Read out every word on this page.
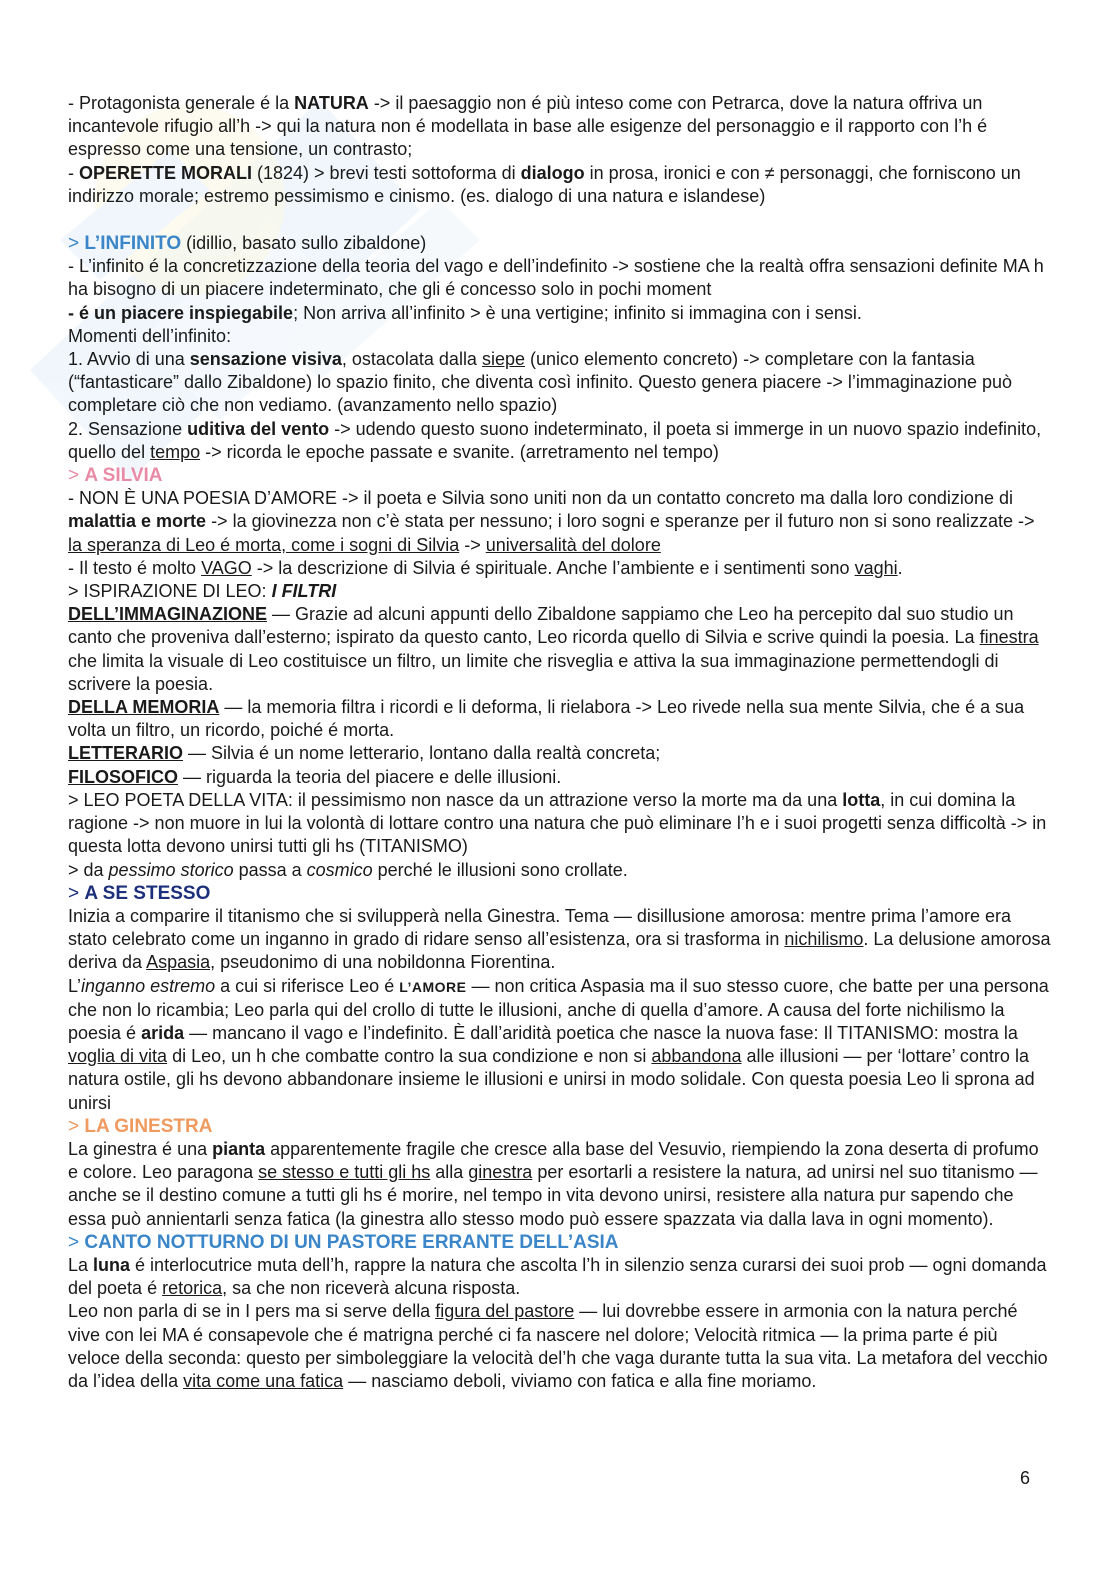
- Protagonista generale é la NATURA -> il paesaggio non é più inteso come con Petrarca, dove la natura offriva un incantevole rifugio all’h -> qui la natura non é modellata in base alle esigenze del personaggio e il rapporto con l’h é espresso come una tensione, un contrasto;

- OPERETTE MORALI (1824) > brevi testi sottoforma di dialogo in prosa, ironici e con ≠ personaggi, che forniscono un indirizzo morale; estremo pessimismo e cinismo. (es. dialogo di una natura e islandese)

> L’INFINITO (idillio, basato sullo zibaldone)

- L’infinito é la concretizzazione della teoria del vago e dell’indefinito -> sostiene che la realtà offra sensazioni definite MA h ha bisogno di un piacere indeterminato, che gli é concesso solo in pochi moment

- é un piacere inspiegabile; Non arriva all’infinito > è una vertigine; infinito si immagina con i sensi.

Momenti dell’infinito:

1. Avvio di una sensazione visiva, ostacolata dalla siepe (unico elemento concreto) -> completare con la fantasia (“fantasticare” dallo Zibaldone) lo spazio finito, che diventa così infinito. Questo genera piacere -> l’immaginazione può completare ciò che non vediamo. (avanzamento nello spazio)

2. Sensazione uditiva del vento -> udendo questo suono indeterminato, il poeta si immerge in un nuovo spazio indefinito, quello del tempo -> ricorda le epoche passate e svanite. (arretramento nel tempo)

> A SILVIA

- NON È UNA POESIA D’AMORE -> il poeta e Silvia sono uniti non da un contatto concreto ma dalla loro condizione di malattia e morte -> la giovinezza non c’è stata per nessuno; i loro sogni e speranze per il futuro non si sono realizzate -> la speranza di Leo é morta, come i sogni di Silvia -> universalità del dolore

- Il testo é molto VAGO -> la descrizione di Silvia é spirituale. Anche l’ambiente e i sentimenti sono vaghi.

> ISPIRAZIONE DI LEO: I FILTRI

DELL’IMMAGINAZIONE — Grazie ad alcuni appunti dello Zibaldone sappiamo che Leo ha percepito dal suo studio un canto che proveniva dall’esterno; ispirato da questo canto, Leo ricorda quello di Silvia e scrive quindi la poesia. La finestra che limita la visuale di Leo costituisce un filtro, un limite che risveglia e attiva la sua immaginazione permettendogli di scrivere la poesia.

DELLA MEMORIA — la memoria filtra i ricordi e li deforma, li rielabora -> Leo rivede nella sua mente Silvia, che é a sua volta un filtro, un ricordo, poiché é morta.

LETTERARIO — Silvia é un nome letterario, lontano dalla realtà concreta;

FILOSOFICO — riguarda la teoria del piacere e delle illusioni.

> LEO POETA DELLA VITA: il pessimismo non nasce da un attrazione verso la morte ma da una lotta, in cui domina la ragione -> non muore in lui la volontà di lottare contro una natura che può eliminare l’h e i suoi progetti senza difficoltà -> in questa lotta devono unirsi tutti gli hs (TITANISMO)

> da pessimo storico passa a cosmico perché le illusioni sono crollate.

> A SE STESSO

Inizia a comparire il titanismo che si svilupperà nella Ginestra. Tema — disillusione amorosa: mentre prima l’amore era stato celebrato come un inganno in grado di ridare senso all’esistenza, ora si trasforma in nichilismo. La delusione amorosa deriva da Aspasia, pseudonimo di una nobildonna Fiorentina.

L’inganno estremo a cui si riferisce Leo é L’AMORE — non critica Aspasia ma il suo stesso cuore, che batte per una persona che non lo ricambia; Leo parla qui del crollo di tutte le illusioni, anche di quella d’amore. A causa del forte nichilismo la poesia é arida — mancano il vago e l’indefinito. È dall’aridità poetica che nasce la nuova fase: Il TITANISMO: mostra la voglia di vita di Leo, un h che combatte contro la sua condizione e non si abbandona alle illusioni — per ‘lottare’ contro la natura ostile, gli hs devono abbandonare insieme le illusioni e unirsi in modo solidale. Con questa poesia Leo li sprona ad unirsi

> LA GINESTRA

La ginestra é una pianta apparentemente fragile che cresce alla base del Vesuvio, riempiendo la zona deserta di profumo e colore. Leo paragona se stesso e tutti gli hs alla ginestra per esortarli a resistere la natura, ad unirsi nel suo titanismo — anche se il destino comune a tutti gli hs é morire, nel tempo in vita devono unirsi, resistere alla natura pur sapendo che essa può annientarli senza fatica (la ginestra allo stesso modo può essere spazzata via dalla lava in ogni momento).

> CANTO NOTTURNO DI UN PASTORE ERRANTE DELL’ASIA

La luna é interlocutrice muta dell’h, rappre la natura che ascolta l’h in silenzio senza curarsi dei suoi prob — ogni domanda del poeta é retorica, sa che non riceverà alcuna risposta.

Leo non parla di se in I pers ma si serve della figura del pastore — lui dovrebbe essere in armonia con la natura perché vive con lei MA é consapevole che é matrigna perché ci fa nascere nel dolore; Velocità ritmica — la prima parte é più veloce della seconda: questo per simboleggiare la velocità del’h che vaga durante tutta la sua vita. La metafora del vecchio da l’idea della vita come una fatica — nasciamo deboli, viviamo con fatica e alla fine moriamo.

6
